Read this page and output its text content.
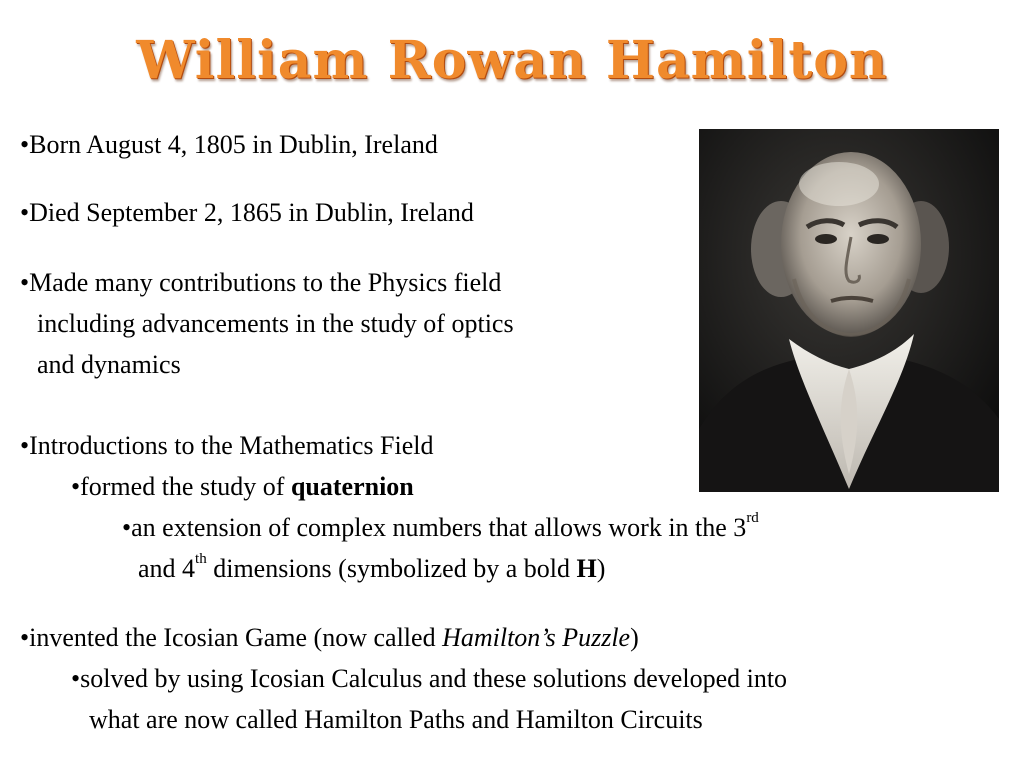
William Rowan Hamilton
•Born August 4, 1805 in Dublin, Ireland
•Died September 2, 1865 in Dublin, Ireland
•Made many contributions to the Physics field
including advancements in the study of optics
and dynamics
•Introductions to the Mathematics Field
•formed the study of quaternion
•an extension of complex numbers that allows work in the 3rd
and 4th dimensions (symbolized by a bold H)
•invented the Icosian Game (now called Hamilton’s Puzzle)
•solved by using Icosian Calculus and these solutions developed into
what are now called Hamilton Paths and Hamilton Circuits
